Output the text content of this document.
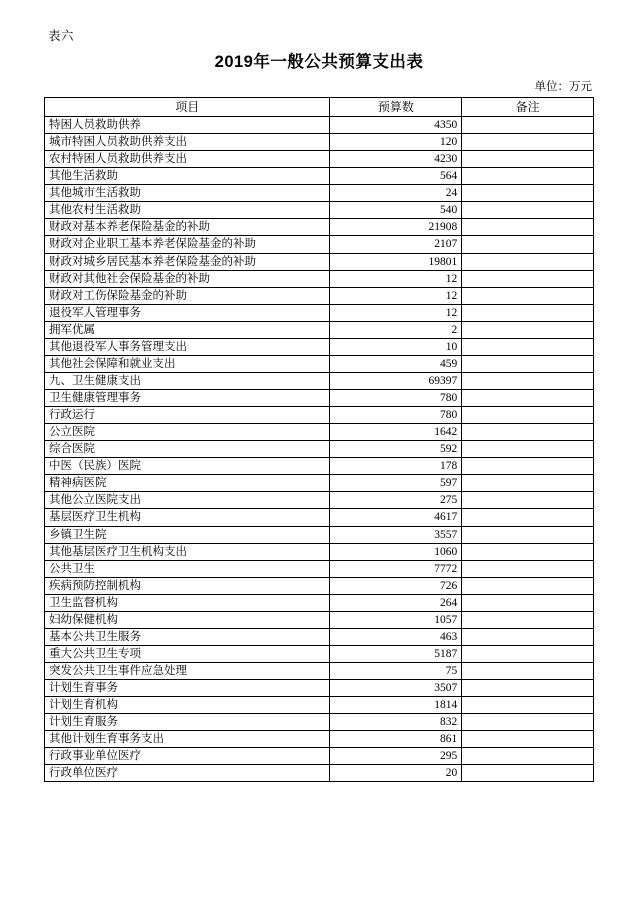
表六
2019年一般公共预算支出表
单位：万元
项目	预算数	备注
特困人员救助供养	4350	
城市特困人员救助供养支出	120	
农村特困人员救助供养支出	4230	
其他生活救助	564	
其他城市生活救助	24	
其他农村生活救助	540	
财政对基本养老保险基金的补助	21908	
财政对企业职工基本养老保险基金的补助	2107	
财政对城乡居民基本养老保险基金的补助	19801	
财政对其他社会保险基金的补助	12	
财政对工伤保险基金的补助	12	
退役军人管理事务	12	
拥军优属	2	
其他退役军人事务管理支出	10	
其他社会保障和就业支出	459	
九、卫生健康支出	69397	
卫生健康管理事务	780	
行政运行	780	
公立医院	1642	
综合医院	592	
中医（民族）医院	178	
精神病医院	597	
其他公立医院支出	275	
基层医疗卫生机构	4617	
乡镇卫生院	3557	
其他基层医疗卫生机构支出	1060	
公共卫生	7772	
疾病预防控制机构	726	
卫生监督机构	264	
妇幼保健机构	1057	
基本公共卫生服务	463	
重大公共卫生专项	5187	
突发公共卫生事件应急处理	75	
计划生育事务	3507	
计划生育机构	1814	
计划生育服务	832	
其他计划生育事务支出	861	
行政事业单位医疗	295	
行政单位医疗	20	
